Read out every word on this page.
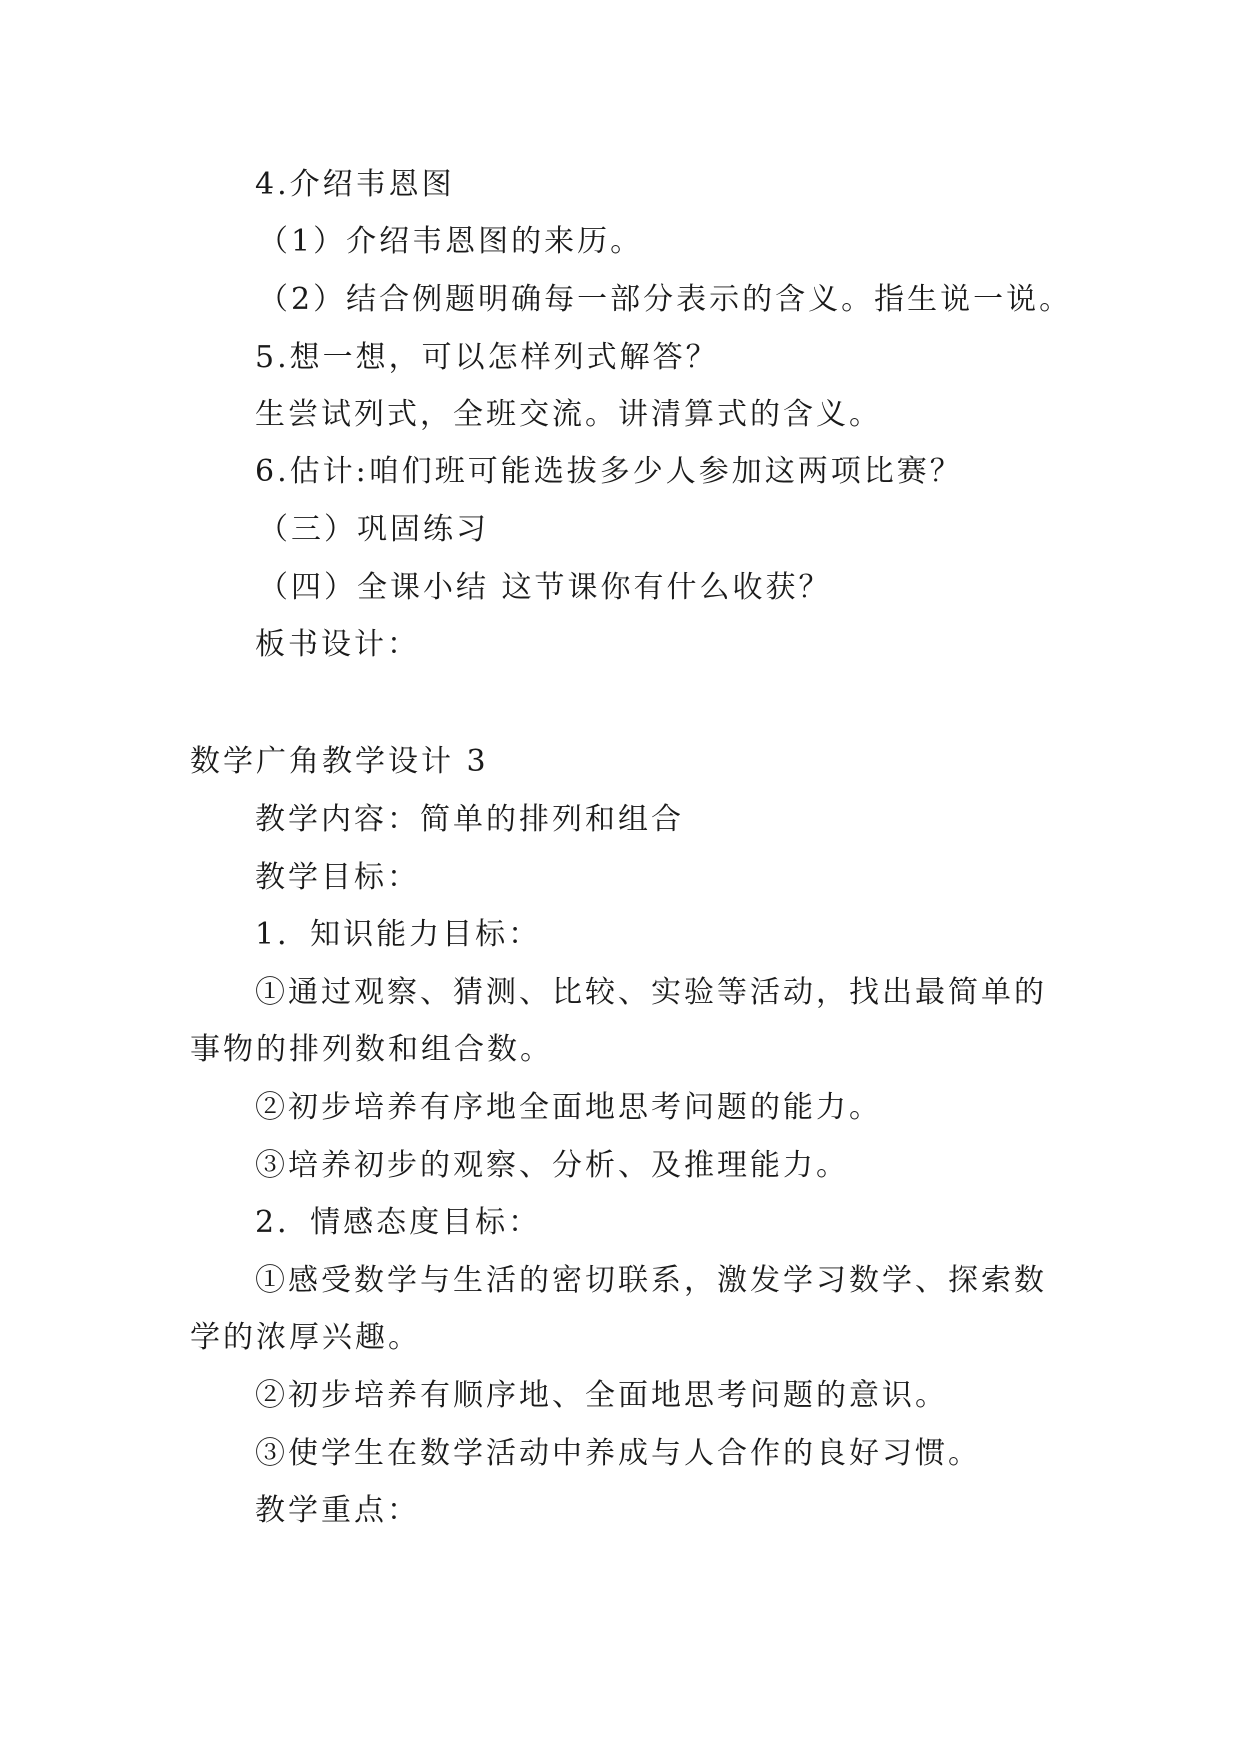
4.介绍韦恩图
（1）介绍韦恩图的来历。
（2）结合例题明确每一部分表示的含义。指生说一说。
5.想一想，可以怎样列式解答？
生尝试列式，全班交流。讲清算式的含义。
6.估计:咱们班可能选拔多少人参加这两项比赛？
（三）巩固练习
（四）全课小结 这节课你有什么收获？
板书设计：
数学广角教学设计 3
教学内容：简单的排列和组合
教学目标：
1．知识能力目标：
①通过观察、猜测、比较、实验等活动，找出最简单的
事物的排列数和组合数。
②初步培养有序地全面地思考问题的能力。
③培养初步的观察、分析、及推理能力。
2．情感态度目标：
①感受数学与生活的密切联系，激发学习数学、探索数
学的浓厚兴趣。
②初步培养有顺序地、全面地思考问题的意识。
③使学生在数学活动中养成与人合作的良好习惯。
教学重点：
